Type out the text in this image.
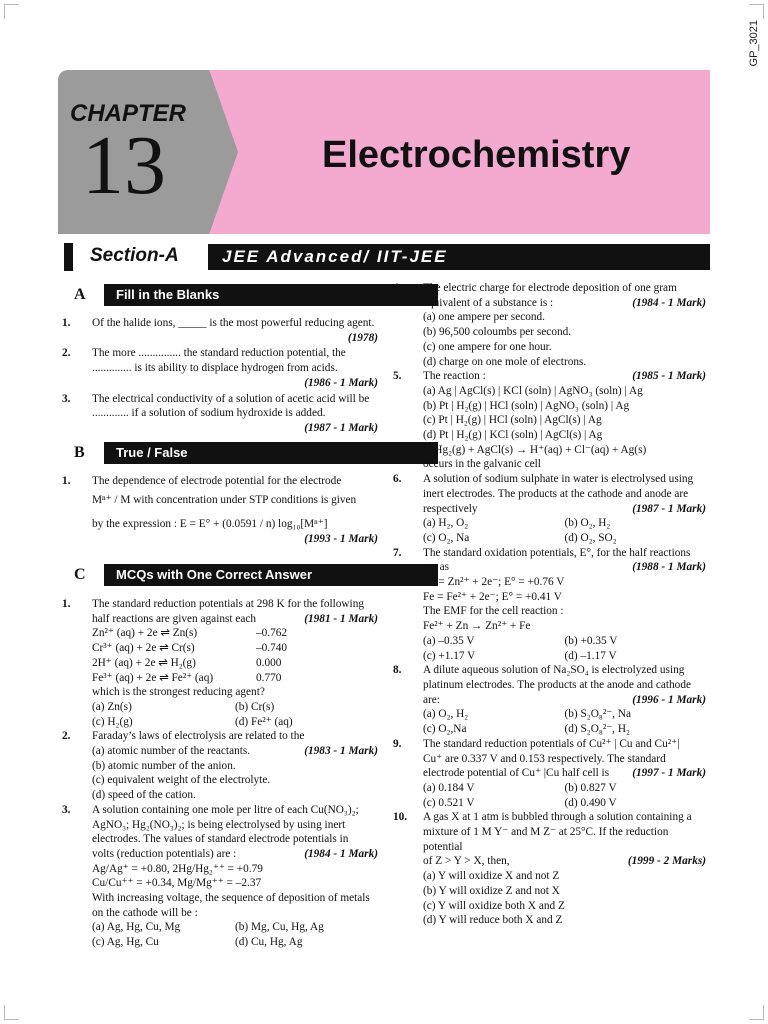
GP_3021
CHAPTER
13	Electrochemistry
Section-A	JEE Advanced/ IIT-JEE
A	Fill in the Blanks
B	True / False
C	MCQs with One Correct Answer
1. Of the halide ions, _____ is the most powerful reducing agent.
(1978)
2. The more ............... the standard reduction potential, the .............. is its ability to displace hydrogen from acids.
(1986 - 1 Mark)
3. The electrical conductivity of a solution of acetic acid will be ............. if a solution of sodium hydroxide is added.
(1987 - 1 Mark)
1. The dependence of electrode potential for the electrode
Mⁿ⁺ / M with concentration under STP conditions is given
by the expression : E = E° + (0.0591 / n) log₁₀[Mⁿ⁺]
(1993 - 1 Mark)
1. The standard reduction potentials at 298 K for the following
half reactions are given against each	(1981 - 1 Mark)
Zn²⁺ (aq) + 2e ⇌ Zn(s)	–0.762
Cr³⁺ (aq) + 2e ⇌ Cr(s)	–0.740
2H⁺ (aq) + 2e ⇌ H₂(g)	0.000
Fe³⁺ (aq) + 2e ⇌ Fe²⁺ (aq)	0.770
which is the strongest reducing agent?
(a) Zn(s)	(b) Cr(s)
(c) H₂(g)	(d) Fe²⁺ (aq)
2. Faraday’s laws of electrolysis are related to the
(1983 - 1 Mark)
(a) atomic number of the reactants.
(b) atomic number of the anion.
(c) equivalent weight of the electrolyte.
(d) speed of the cation.
3. A solution containing one mole per litre of each Cu(NO₃)₂;
AgNO₃; Hg₂(NO₃)₂; is being electrolysed by using inert
electrodes. The values of standard electrode potentials in
volts (reduction potentials) are :	(1984 - 1 Mark)
Ag/Ag⁺ = +0.80, 2Hg/Hg₂⁺⁺ = +0.79
Cu/Cu⁺⁺ = +0.34, Mg/Mg⁺⁺ = –2.37
With increasing voltage, the sequence of deposition of metals
on the cathode will be :
(a) Ag, Hg, Cu, Mg	(b) Mg, Cu, Hg, Ag
(c) Ag, Hg, Cu	(d) Cu, Hg, Ag
4. The electric charge for electrode deposition of one gram
equivalent of a substance is :	(1984 - 1 Mark)
(a) one ampere per second.
(b) 96,500 coloumbs per second.
(c) one ampere for one hour.
(d) charge on one mole of electrons.
5. The reaction :	(1985 - 1 Mark)
(a) Ag | AgCl(s) | KCl (soln) | AgNO₃ (soln) | Ag
(b) Pt | H₂(g) | HCl (soln) | AgNO₃ (soln) | Ag
(c) Pt | H₂(g) | HCl (soln) | AgCl(s) | Ag
(d) Pt | H₂(g) | KCl (soln) | AgCl(s) | Ag
½ Hg₂(g) + AgCl(s) → H⁺(aq) + Cl⁻(aq) + Ag(s)
occurs in the galvanic cell
6. A solution of sodium sulphate in water is electrolysed using
inert electrodes. The products at the cathode and anode are
respectively	(1987 - 1 Mark)
(a) H₂, O₂	(b) O₂, H₂
(c) O₂, Na	(d) O₂, SO₂
7. The standard oxidation potentials, E°, for the half reactions
are as	(1988 - 1 Mark)
Zn = Zn²⁺ + 2e⁻; E° = +0.76 V
Fe = Fe²⁺ + 2e⁻; E° = +0.41 V
The EMF for the cell reaction :
Fe²⁺ + Zn → Zn²⁺ + Fe
(a) –0.35 V	(b) +0.35 V
(c) +1.17 V	(d) –1.17 V
8. A dilute aqueous solution of Na₂SO₄ is electrolyzed using
platinum electrodes. The products at the anode and cathode
are:	(1996 - 1 Mark)
(a) O₂, H₂	(b) S₂O₈²⁻, Na
(c) O₂,Na	(d) S₂O₈²⁻, H₂
9. The standard reduction potentials of Cu²⁺ | Cu and Cu²⁺|
Cu⁺ are 0.337 V and 0.153 respectively. The standard
electrode potential of Cu⁺ |Cu half cell is (1997 - 1 Mark)
(a) 0.184 V	(b) 0.827 V
(c) 0.521 V	(d) 0.490 V
10. A gas X at 1 atm is bubbled through a solution containing a
mixture of 1 M Y⁻ and M Z⁻ at 25°C. If the reduction potential
of Z > Y > X, then,	(1999 - 2 Marks)
(a) Y will oxidize X and not Z
(b) Y will oxidize Z and not X
(c) Y will oxidize both X and Z
(d) Y will reduce both X and Z
